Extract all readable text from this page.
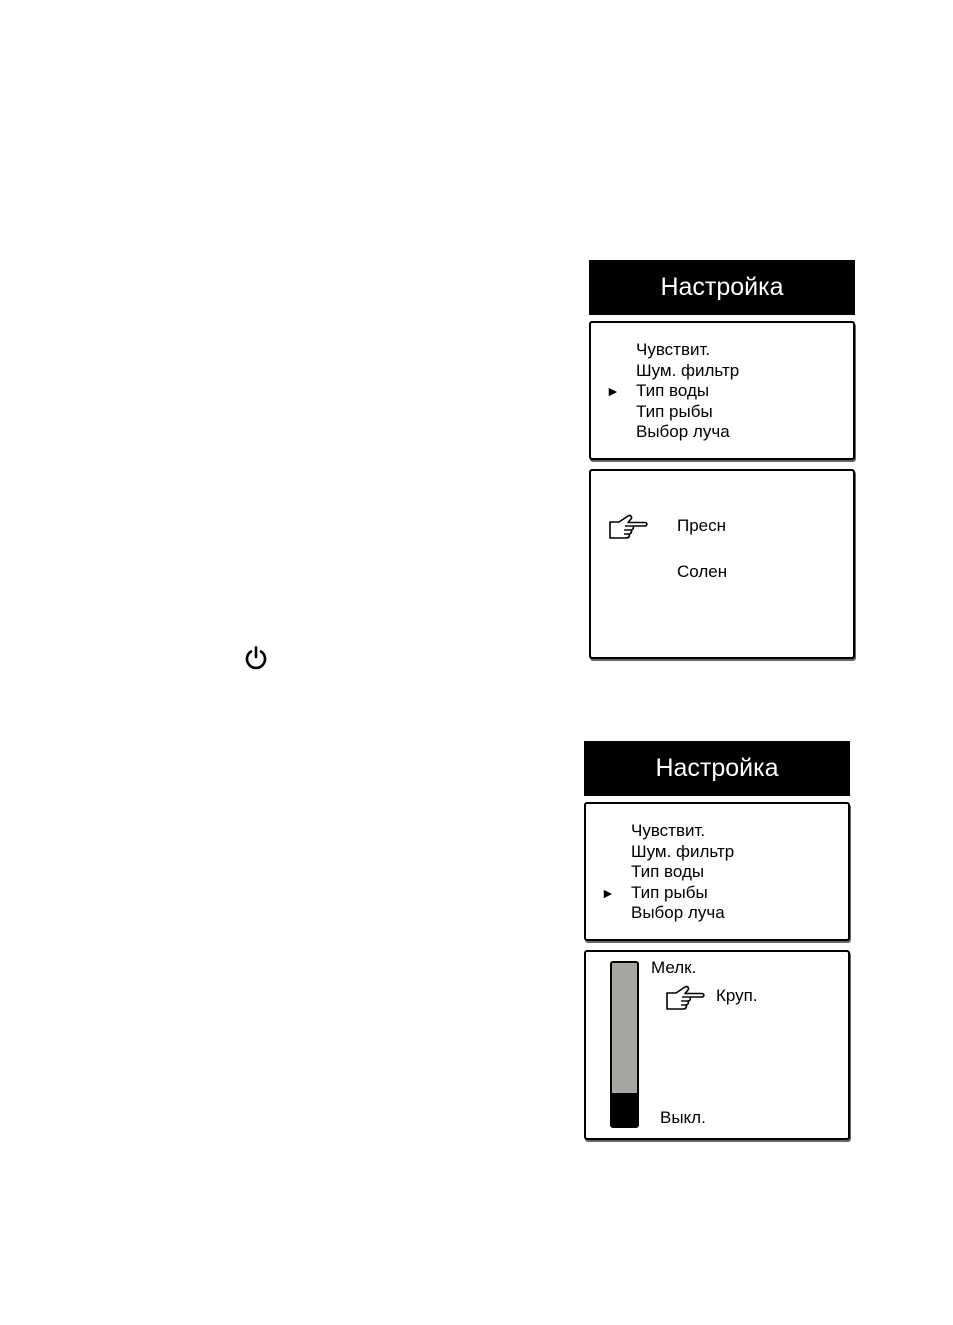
Настройка
Чувствит.
Шум. фильтр
► Тип воды
Тип рыбы
Выбор луча
Пресн
Солен
Настройка
Чувствит.
Шум. фильтр
Тип воды
► Тип рыбы
Выбор луча
Мелк.
Круп.
Выкл.
